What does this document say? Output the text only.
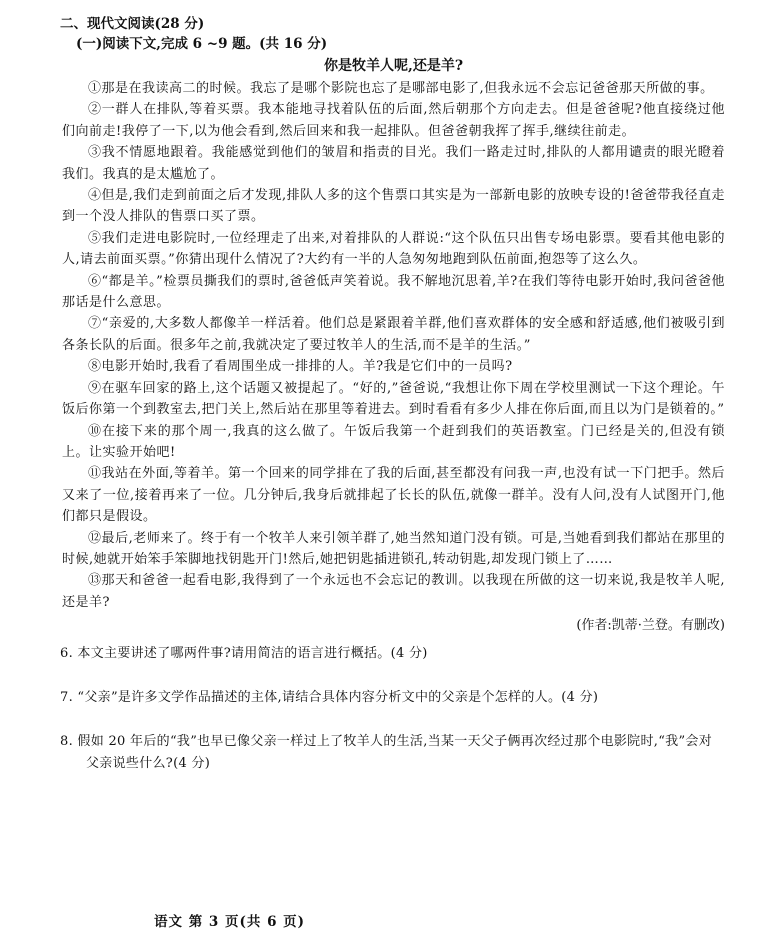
二、现代文阅读(28 分)
(一)阅读下文,完成 6 ~9 题。(共 16 分)
你是牧羊人呢,还是羊?

①那是在我读高二的时候。我忘了是哪个影院也忘了是哪部电影了,但我永远不会忘记爸爸那天所做的事。

②一群人在排队,等着买票。我本能地寻找着队伍的后面,然后朝那个方向走去。但是爸爸呢?他直接绕过他们向前走!我停了一下,以为他会看到,然后回来和我一起排队。但爸爸朝我挥了挥手,继续往前走。

③我不情愿地跟着。我能感觉到他们的皱眉和指责的目光。我们一路走过时,排队的人都用谴责的眼光瞪着我们。我真的是太尴尬了。

④但是,我们走到前面之后才发现,排队人多的这个售票口其实是为一部新电影的放映专设的!爸爸带我径直走到一个没人排队的售票口买了票。

⑤我们走进电影院时,一位经理走了出来,对着排队的人群说:“这个队伍只出售专场电影票。要看其他电影的人,请去前面买票。”你猜出现什么情况了?大约有一半的人急匆匆地跑到队伍前面,抱怨等了这么久。

⑥“都是羊。”检票员撕我们的票时,爸爸低声笑着说。我不解地沉思着,羊?在我们等待电影开始时,我问爸爸他那话是什么意思。

⑦“亲爱的,大多数人都像羊一样活着。他们总是紧跟着羊群,他们喜欢群体的安全感和舒适感,他们被吸引到各条长队的后面。很多年之前,我就决定了要过牧羊人的生活,而不是羊的生活。”

⑧电影开始时,我看了看周围坐成一排排的人。羊?我是它们中的一员吗?

⑨在驱车回家的路上,这个话题又被提起了。“好的,”爸爸说,“我想让你下周在学校里测试一下这个理论。午饭后你第一个到教室去,把门关上,然后站在那里等着进去。到时看看有多少人排在你后面,而且以为门是锁着的。”

⑩在接下来的那个周一,我真的这么做了。午饭后我第一个赶到我们的英语教室。门已经是关的,但没有锁上。让实验开始吧!

⑪我站在外面,等着羊。第一个回来的同学排在了我的后面,甚至都没有问我一声,也没有试一下门把手。然后又来了一位,接着再来了一位。几分钟后,我身后就排起了长长的队伍,就像一群羊。没有人问,没有人试图开门,他们都只是假设。

⑫最后,老师来了。终于有一个牧羊人来引领羊群了,她当然知道门没有锁。可是,当她看到我们都站在那里的时候,她就开始笨手笨脚地找钥匙开门!然后,她把钥匙插进锁孔,转动钥匙,却发现门锁上了……

⑬那天和爸爸一起看电影,我得到了一个永远也不会忘记的教训。以我现在所做的这一切来说,我是牧羊人呢,还是羊?

(作者:凯蒂·兰登。有删改)
6. 本文主要讲述了哪两件事?请用简洁的语言进行概括。(4 分)
7. “父亲”是许多文学作品描述的主体,请结合具体内容分析文中的父亲是个怎样的人。(4 分)
8. 假如 20 年后的“我”也早已像父亲一样过上了牧羊人的生活,当某一天父子俩再次经过那个电影院时,“我”会对父亲说些什么?(4 分)
语文 第 3 页(共 6 页)
